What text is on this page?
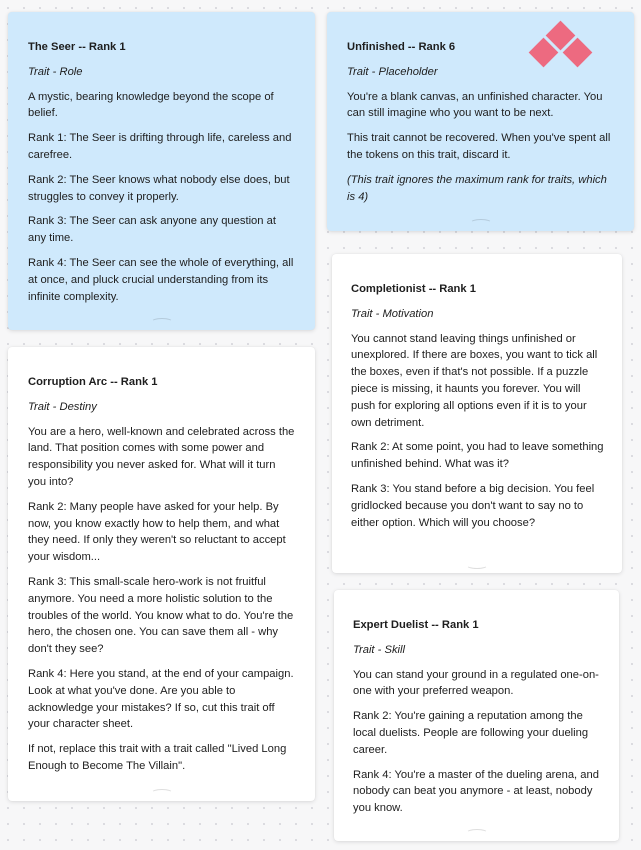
The Seer -- Rank 1
Trait - Role

A mystic, bearing knowledge beyond the scope of belief.

Rank 1: The Seer is drifting through life, careless and carefree.

Rank 2: The Seer knows what nobody else does, but struggles to convey it properly.

Rank 3: The Seer can ask anyone any question at any time.

Rank 4: The Seer can see the whole of everything, all at once, and pluck crucial understanding from its infinite complexity.

Unfinished -- Rank 6
Trait - Placeholder

You're a blank canvas, an unfinished character. You can still imagine who you want to be next.

This trait cannot be recovered. When you've spent all the tokens on this trait, discard it.

(This trait ignores the maximum rank for traits, which is 4)

Corruption Arc -- Rank 1
Trait - Destiny

You are a hero, well-known and celebrated across the land. That position comes with some power and responsibility you never asked for. What will it turn you into?

Rank 2: Many people have asked for your help. By now, you know exactly how to help them, and what they need. If only they weren't so reluctant to accept your wisdom...

Rank 3: This small-scale hero-work is not fruitful anymore. You need a more holistic solution to the troubles of the world. You know what to do. You're the hero, the chosen one. You can save them all - why don't they see?

Rank 4: Here you stand, at the end of your campaign. Look at what you've done. Are you able to acknowledge your mistakes? If so, cut this trait off your character sheet.

If not, replace this trait with a trait called "Lived Long Enough to Become The Villain".

Completionist -- Rank 1
Trait - Motivation

You cannot stand leaving things unfinished or unexplored. If there are boxes, you want to tick all the boxes, even if that's not possible. If a puzzle piece is missing, it haunts you forever. You will push for exploring all options even if it is to your own detriment.

Rank 2: At some point, you had to leave something unfinished behind. What was it?

Rank 3: You stand before a big decision. You feel gridlocked because you don't want to say no to either option. Which will you choose?

Expert Duelist -- Rank 1
Trait - Skill

You can stand your ground in a regulated one-on-one with your preferred weapon.

Rank 2: You're gaining a reputation among the local duelists. People are following your dueling career.

Rank 4: You're a master of the dueling arena, and nobody can beat you anymore - at least, nobody you know.
